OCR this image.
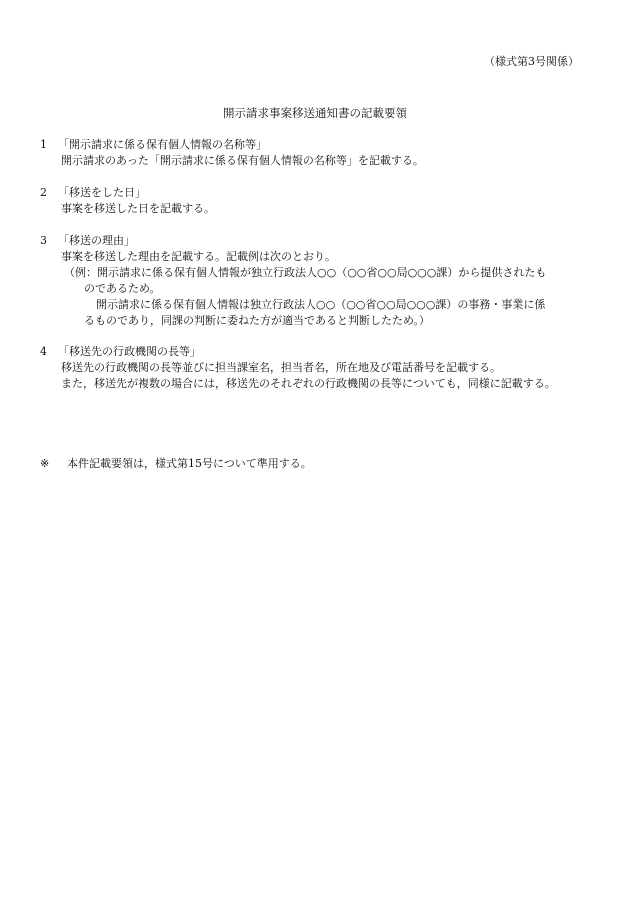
（様式第3号関係）
開示請求事案移送通知書の記載要領
1 「開示請求に係る保有個人情報の名称等」
開示請求のあった「開示請求に係る保有個人情報の名称等」を記載する。
2 「移送をした日」
事案を移送した日を記載する。
3 「移送の理由」
事案を移送した理由を記載する。記載例は次のとおり。
（例：開示請求に係る保有個人情報が独立行政法人○○（○○省○○局○○○課）から提供されたも
のであるため。
開示請求に係る保有個人情報は独立行政法人○○（○○省○○局○○○課）の事務・事業に係
るものであり，同課の判断に委ねた方が適当であると判断したため。）
4 「移送先の行政機関の長等」
移送先の行政機関の長等並びに担当課室名，担当者名，所在地及び電話番号を記載する。
また，移送先が複数の場合には，移送先のそれぞれの行政機関の長等についても，同様に記載する。
※ 本件記載要領は，様式第15号について準用する。
